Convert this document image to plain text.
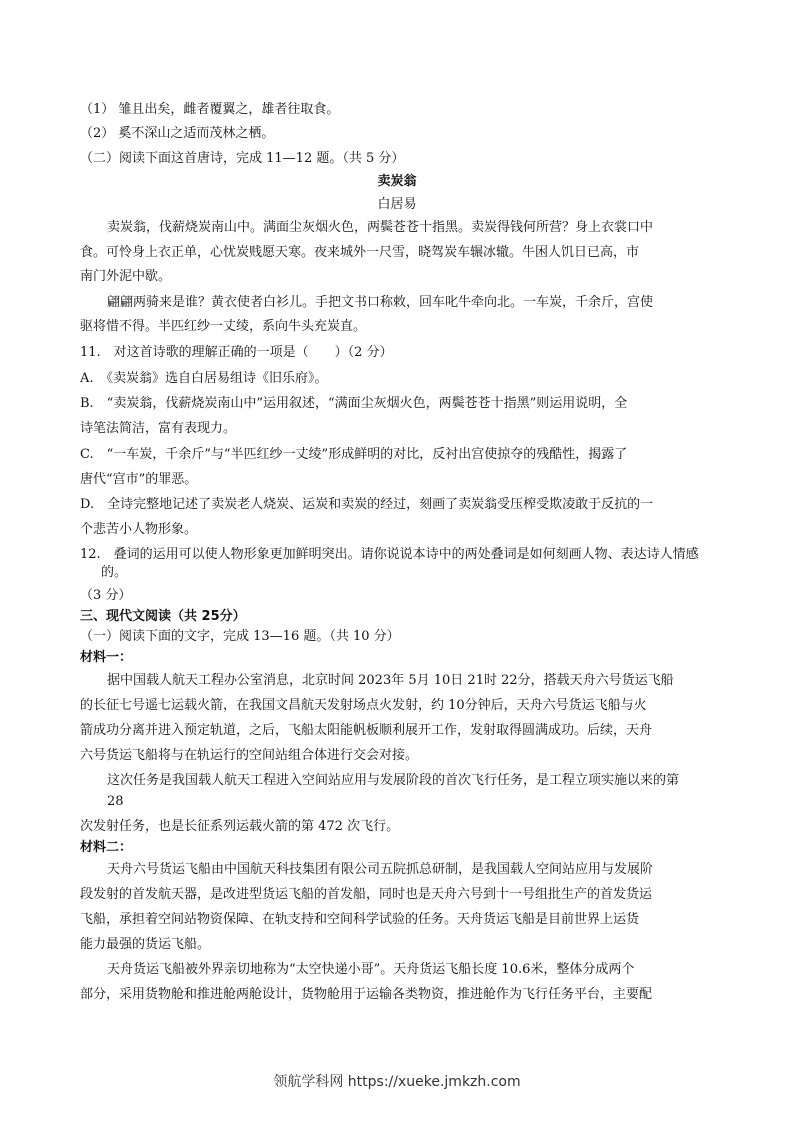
（1） 雏且出矣，雌者覆翼之，雄者往取食。
（2） 奚不深山之适而茂林之栖。
（二）阅读下面这首唐诗，完成 11—12 题。（共 5 分）
卖炭翁
白居易
卖炭翁，伐薪烧炭南山中。满面尘灰烟火色，两鬓苍苍十指黑。卖炭得钱何所营？身上衣裳口中
食。可怜身上衣正单，心忧炭贱愿天寒。夜来城外一尺雪，晓驾炭车辗冰辙。牛困人饥日已高，市
南门外泥中歇。
翩翩两骑来是谁？黄衣使者白衫儿。手把文书口称敕，回车叱牛牵向北。一车炭，千余斤，宫使
驱将惜不得。半匹红纱一丈绫，系向牛头充炭直。
11.　对这首诗歌的理解正确的一项是（　　）（2 分）
A.　《卖炭翁》选自白居易组诗《旧乐府》。
B.　“卖炭翁，伐薪烧炭南山中”运用叙述，“满面尘灰烟火色，两鬓苍苍十指黑”则运用说明，全
诗笔法简洁，富有表现力。
C.　“一车炭，千余斤”与“半匹红纱一丈绫”形成鲜明的对比，反衬出宫使掠夺的残酷性，揭露了
唐代“宫市”的罪恶。
D.　全诗完整地记述了卖炭老人烧炭、运炭和卖炭的经过，刻画了卖炭翁受压榨受欺凌敢于反抗的一
个悲苦小人物形象。
12.　叠词的运用可以使人物形象更加鲜明突出。请你说说本诗中的两处叠词是如何刻画人物、表达诗人情感
的。
（3 分）
三、现代文阅读（共 25分）
（一）阅读下面的文字，完成 13—16 题。（共 10 分）
材料一：
据中国载人航天工程办公室消息，北京时间 2023年 5月 10日 21时 22分，搭载天舟六号货运飞船
的长征七号遥七运载火箭，在我国文昌航天发射场点火发射，约 10分钟后，天舟六号货运飞船与火
箭成功分离并进入预定轨道，之后，飞船太阳能帆板顺利展开工作，发射取得圆满成功。后续，天舟
六号货运飞船将与在轨运行的空间站组合体进行交会对接。
这次任务是我国载人航天工程进入空间站应用与发展阶段的首次飞行任务，是工程立项实施以来的第
28
次发射任务，也是长征系列运载火箭的第 472 次飞行。
材料二：
天舟六号货运飞船由中国航天科技集团有限公司五院抓总研制，是我国载人空间站应用与发展阶
段发射的首发航天器，是改进型货运飞船的首发船，同时也是天舟六号到十一号组批生产的首发货运
飞船，承担着空间站物资保障、在轨支持和空间科学试验的任务。天舟货运飞船是目前世界上运货
能力最强的货运飞船。
天舟货运飞船被外界亲切地称为“太空快递小哥”。天舟货运飞船长度 10.6米，整体分成两个
部分，采用货物舱和推进舱两舱设计，货物舱用于运输各类物资，推进舱作为飞行任务平台，主要配
领航学科网 https://xueke.jmkzh.com
